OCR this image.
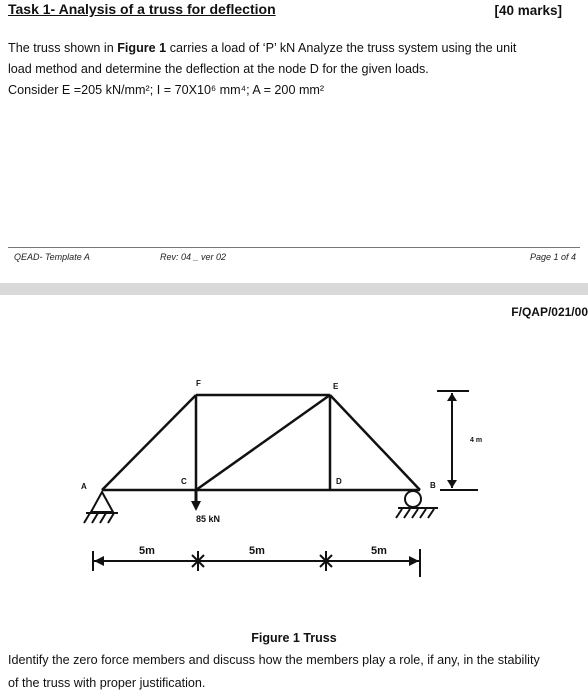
Task 1- Analysis of a truss for deflection	[40 marks]
The truss shown in Figure 1 carries a load of ‘P’ kN Analyze the truss system using the unit
load method and determine the deflection at the node D for the given loads.
Consider E =205 kN/mm²; I = 70X10⁶ mm⁴; A = 200 mm²
QEAD- Template A	Rev: 04 _ ver 02	Page 1 of 4
F/QAP/021/00
85 kN
A	B
C	D
E
F
4 m
5m	5m	5m
Figure 1 Truss
Identify the zero force members and discuss how the members play a role, if any, in the stability
of the truss with proper justification.
